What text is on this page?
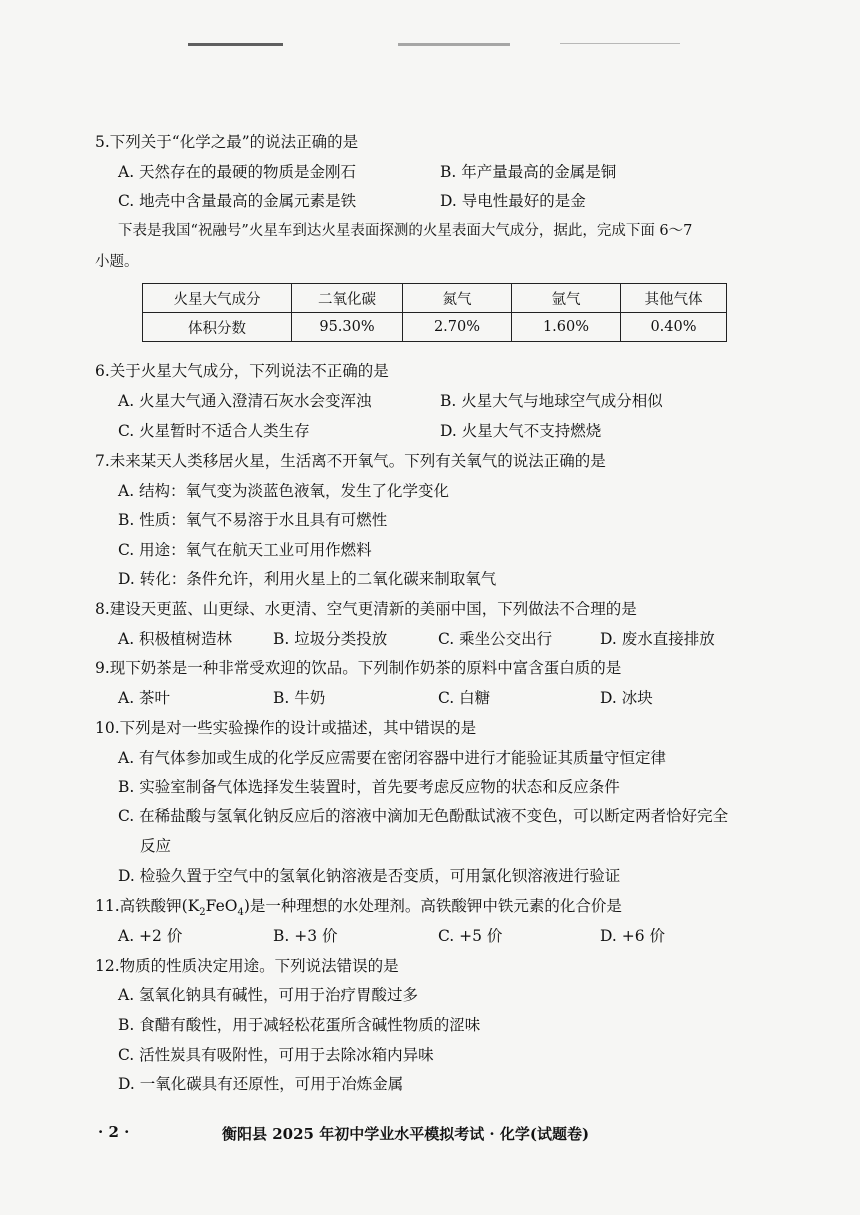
5.下列关于“化学之最”的说法正确的是
A. 天然存在的最硬的物质是金刚石	B. 年产量最高的金属是铜
C. 地壳中含量最高的金属元素是铁	D. 导电性最好的是金
下表是我国“祝融号”火星车到达火星表面探测的火星表面大气成分，据此，完成下面 6～7
小题。
火星大气成分	二氧化碳	氮气	氩气	其他气体
体积分数	95.30%	2.70%	1.60%	0.40%
6.关于火星大气成分，下列说法不正确的是
A. 火星大气通入澄清石灰水会变浑浊	B. 火星大气与地球空气成分相似
C. 火星暂时不适合人类生存	D. 火星大气不支持燃烧
7.未来某天人类移居火星，生活离不开氧气。下列有关氧气的说法正确的是
A. 结构：氧气变为淡蓝色液氧，发生了化学变化
B. 性质：氧气不易溶于水且具有可燃性
C. 用途：氧气在航天工业可用作燃料
D. 转化：条件允许，利用火星上的二氧化碳来制取氧气
8.建设天更蓝、山更绿、水更清、空气更清新的美丽中国，下列做法不合理的是
A. 积极植树造林	B. 垃圾分类投放	C. 乘坐公交出行	D. 废水直接排放
9.现下奶茶是一种非常受欢迎的饮品。下列制作奶茶的原料中富含蛋白质的是
A. 茶叶	B. 牛奶	C. 白糖	D. 冰块
10.下列是对一些实验操作的设计或描述，其中错误的是
A. 有气体参加或生成的化学反应需要在密闭容器中进行才能验证其质量守恒定律
B. 实验室制备气体选择发生装置时，首先要考虑反应物的状态和反应条件
C. 在稀盐酸与氢氧化钠反应后的溶液中滴加无色酚酞试液不变色，可以断定两者恰好完全
反应
D. 检验久置于空气中的氢氧化钠溶液是否变质，可用氯化钡溶液进行验证
11.高铁酸钾$(K_2FeO_4)$是一种理想的水处理剂。高铁酸钾中铁元素的化合价是
A. +2 价	B. +3 价	C. +5 价	D. +6 价
12.物质的性质决定用途。下列说法错误的是
A. 氢氧化钠具有碱性，可用于治疗胃酸过多
B. 食醋有酸性，用于减轻松花蛋所含碱性物质的涩味
C. 活性炭具有吸附性，可用于去除冰箱内异味
D. 一氧化碳具有还原性，可用于冶炼金属
· 2 ·	衡阳县 2025 年初中学业水平模拟考试 · 化学(试题卷)
